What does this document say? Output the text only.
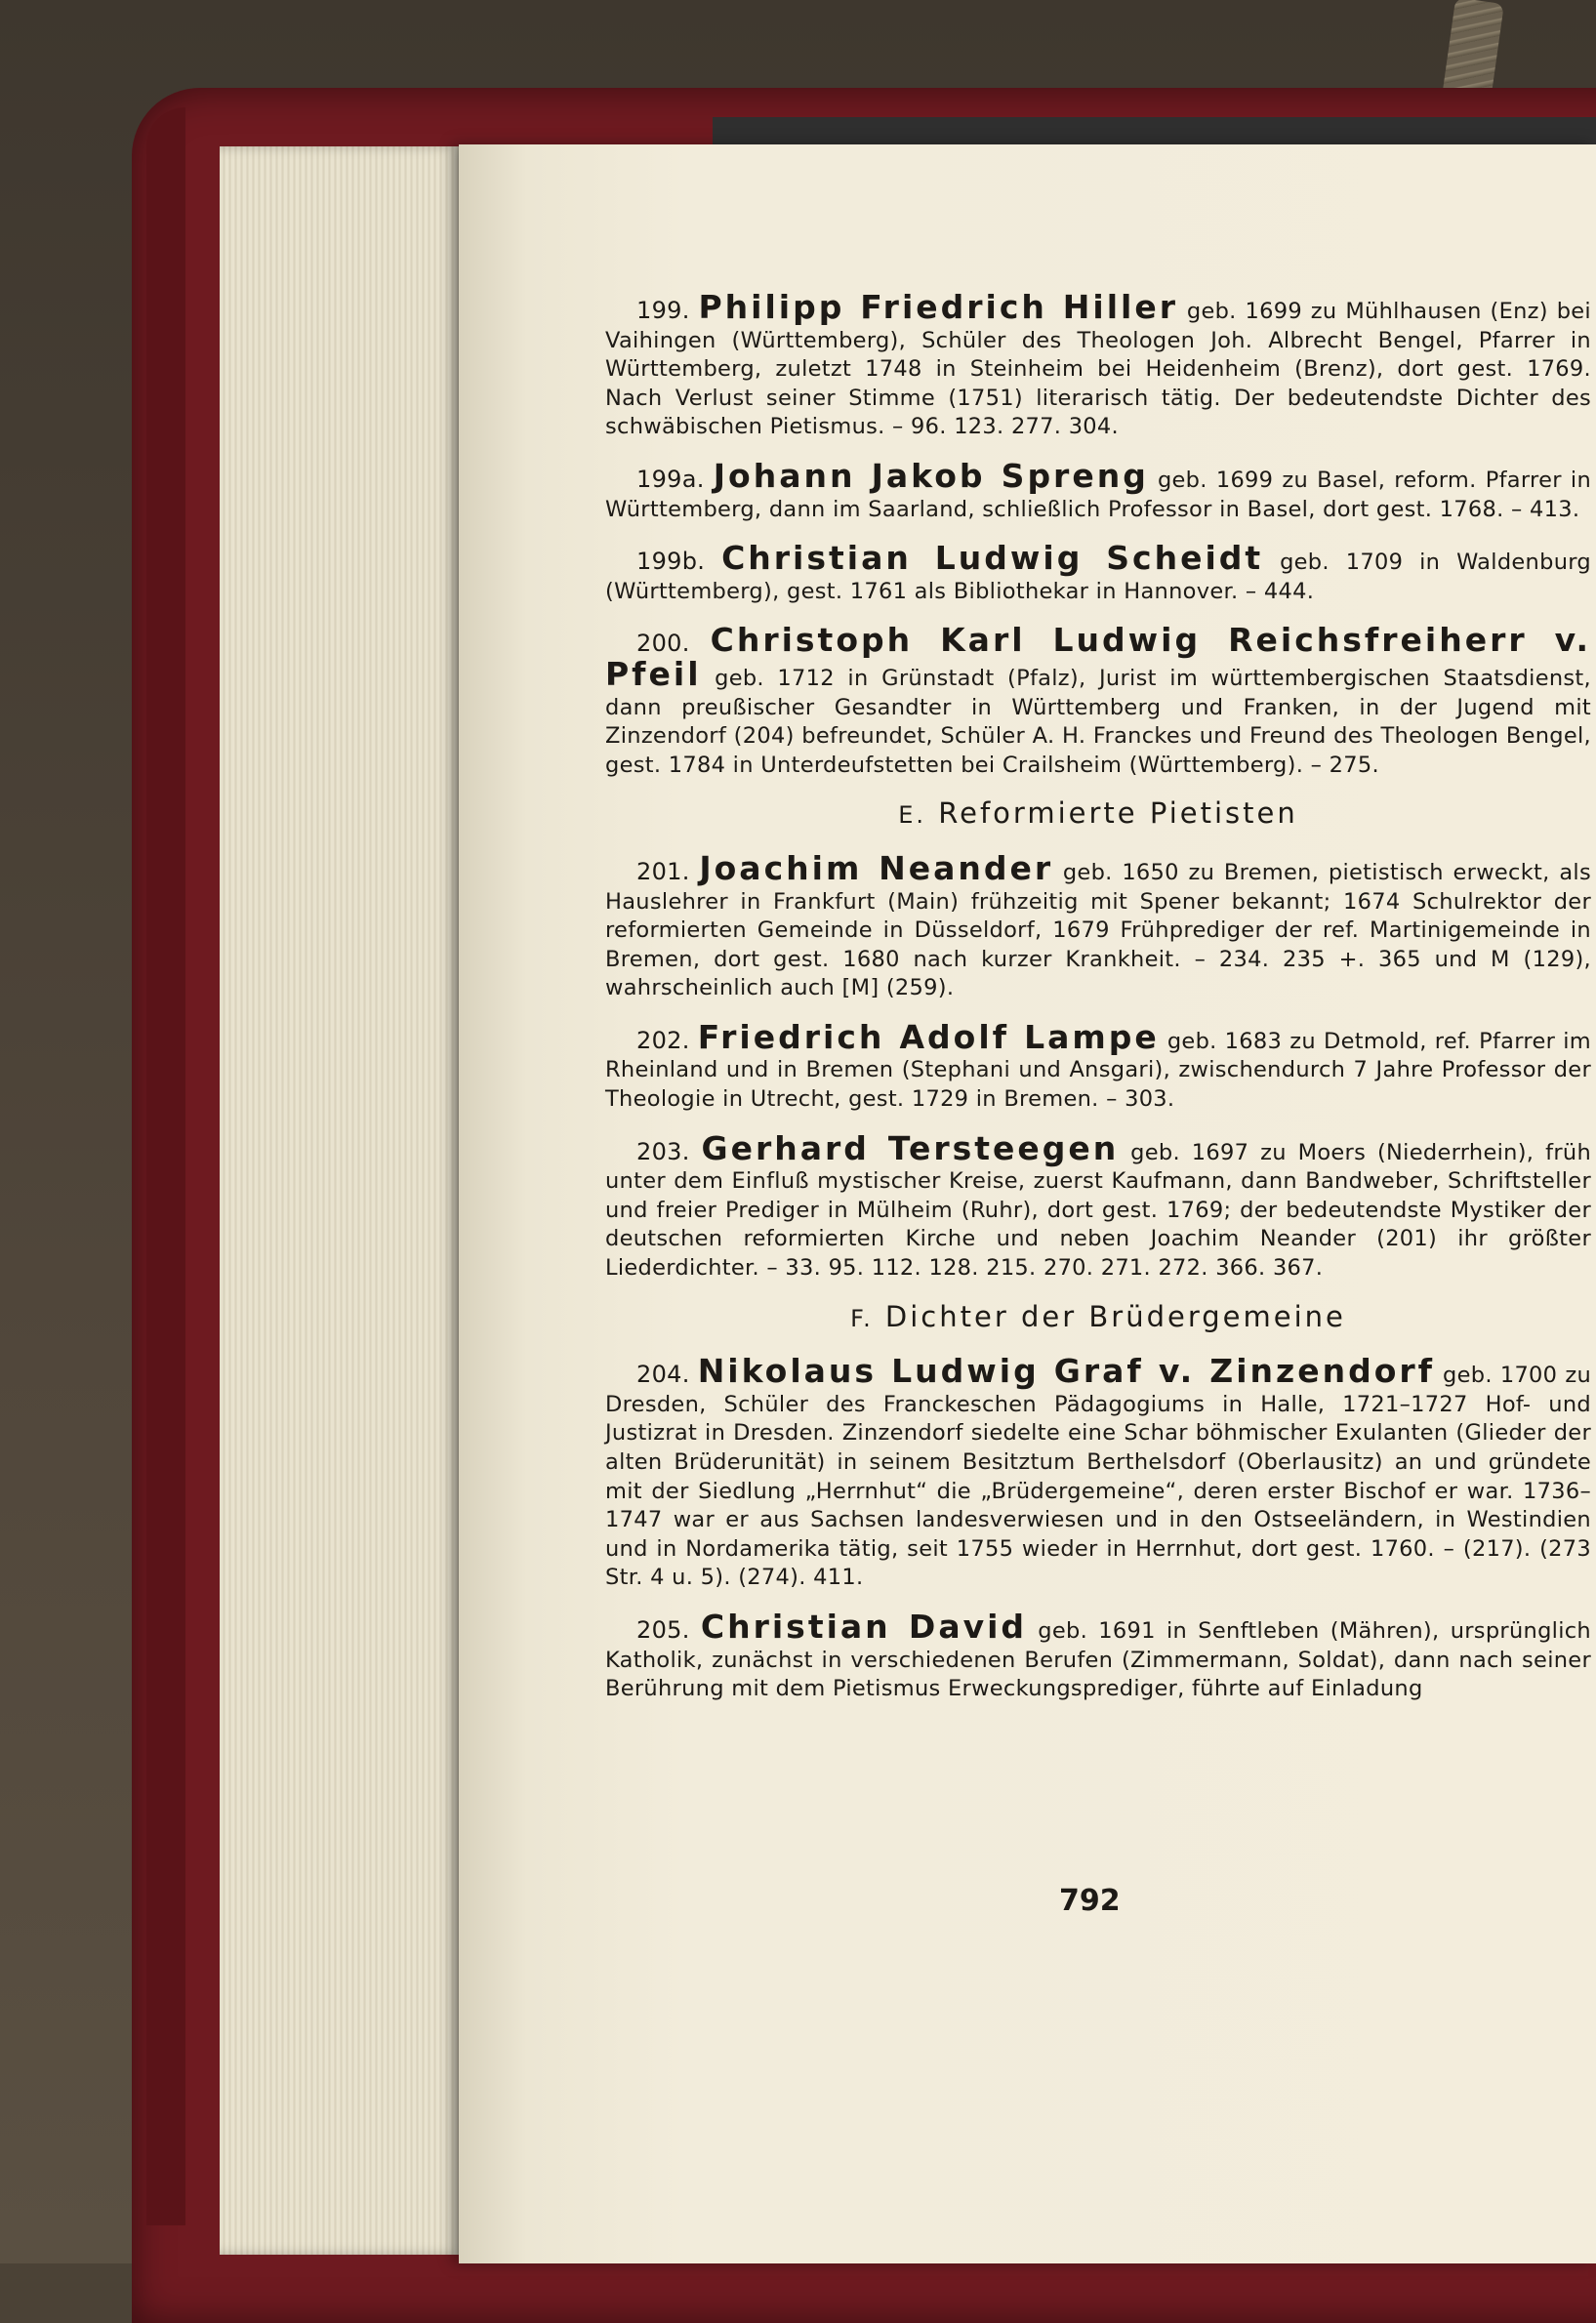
199. Philipp Friedrich Hiller geb. 1699 zu Mühlhausen (Enz) bei Vaihingen (Württemberg), Schüler des Theologen Joh. Albrecht Bengel, Pfarrer in Württemberg, zuletzt 1748 in Steinheim bei Heidenheim (Brenz), dort gest. 1769. Nach Verlust seiner Stimme (1751) literarisch tätig. Der bedeutendste Dichter des schwäbischen Pietismus. – 96. 123. 277. 304.

199a. Johann Jakob Spreng geb. 1699 zu Basel, reform. Pfarrer in Württemberg, dann im Saarland, schließlich Professor in Basel, dort gest. 1768. – 413.

199b. Christian Ludwig Scheidt geb. 1709 in Waldenburg (Württemberg), gest. 1761 als Bibliothekar in Hannover. – 444.

200. Christoph Karl Ludwig Reichsfreiherr v. Pfeil geb. 1712 in Grünstadt (Pfalz), Jurist im württembergischen Staatsdienst, dann preußischer Gesandter in Württemberg und Franken, in der Jugend mit Zinzendorf (204) befreundet, Schüler A. H. Franckes und Freund des Theologen Bengel, gest. 1784 in Unterdeufstetten bei Crailsheim (Württemberg). – 275.

E. Reformierte Pietisten

201. Joachim Neander geb. 1650 zu Bremen, pietistisch erweckt, als Hauslehrer in Frankfurt (Main) frühzeitig mit Spener bekannt; 1674 Schulrektor der reformierten Gemeinde in Düsseldorf, 1679 Frühprediger der ref. Martinigemeinde in Bremen, dort gest. 1680 nach kurzer Krankheit. – 234. 235 +. 365 und M (129), wahrscheinlich auch [M] (259).

202. Friedrich Adolf Lampe geb. 1683 zu Detmold, ref. Pfarrer im Rheinland und in Bremen (Stephani und Ansgari), zwischendurch 7 Jahre Professor der Theologie in Utrecht, gest. 1729 in Bremen. – 303.

203. Gerhard Tersteegen geb. 1697 zu Moers (Niederrhein), früh unter dem Einfluß mystischer Kreise, zuerst Kaufmann, dann Bandweber, Schriftsteller und freier Prediger in Mülheim (Ruhr), dort gest. 1769; der bedeutendste Mystiker der deutschen reformierten Kirche und neben Joachim Neander (201) ihr größter Liederdichter. – 33. 95. 112. 128. 215. 270. 271. 272. 366. 367.

F. Dichter der Brüdergemeine

204. Nikolaus Ludwig Graf v. Zinzendorf geb. 1700 zu Dresden, Schüler des Franckeschen Pädagogiums in Halle, 1721–1727 Hof- und Justizrat in Dresden. Zinzendorf siedelte eine Schar böhmischer Exulanten (Glieder der alten Brüderunität) in seinem Besitztum Berthelsdorf (Oberlausitz) an und gründete mit der Siedlung „Herrnhut“ die „Brüdergemeine“, deren erster Bischof er war. 1736–1747 war er aus Sachsen landesverwiesen und in den Ostseeländern, in Westindien und in Nordamerika tätig, seit 1755 wieder in Herrnhut, dort gest. 1760. – (217). (273 Str. 4 u. 5). (274). 411.

205. Christian David geb. 1691 in Senftleben (Mähren), ursprünglich Katholik, zunächst in verschiedenen Berufen (Zimmermann, Soldat), dann nach seiner Berührung mit dem Pietismus Erweckungsprediger, führte auf Einladung

792
